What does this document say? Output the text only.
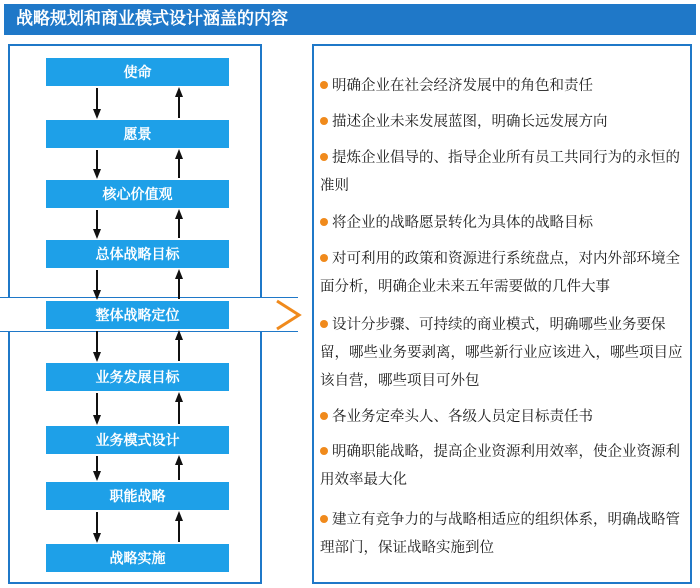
战略规划和商业模式设计涵盖的内容
使命
愿景
核心价值观
总体战略目标
整体战略定位
业务发展目标
业务模式设计
职能战略
战略实施
明确企业在社会经济发展中的角色和责任
描述企业未来发展蓝图，明确长远发展方向
提炼企业倡导的、指导企业所有员工共同行为的永恒的准则
将企业的战略愿景转化为具体的战略目标
对可利用的政策和资源进行系统盘点，对内外部环境全面分析，明确企业未来五年需要做的几件大事
设计分步骤、可持续的商业模式，明确哪些业务要保留，哪些业务要剥离，哪些新行业应该进入，哪些项目应该自营，哪些项目可外包
各业务定牵头人、各级人员定目标责任书
明确职能战略，提高企业资源利用效率，使企业资源利用效率最大化
建立有竞争力的与战略相适应的组织体系，明确战略管理部门，保证战略实施到位
